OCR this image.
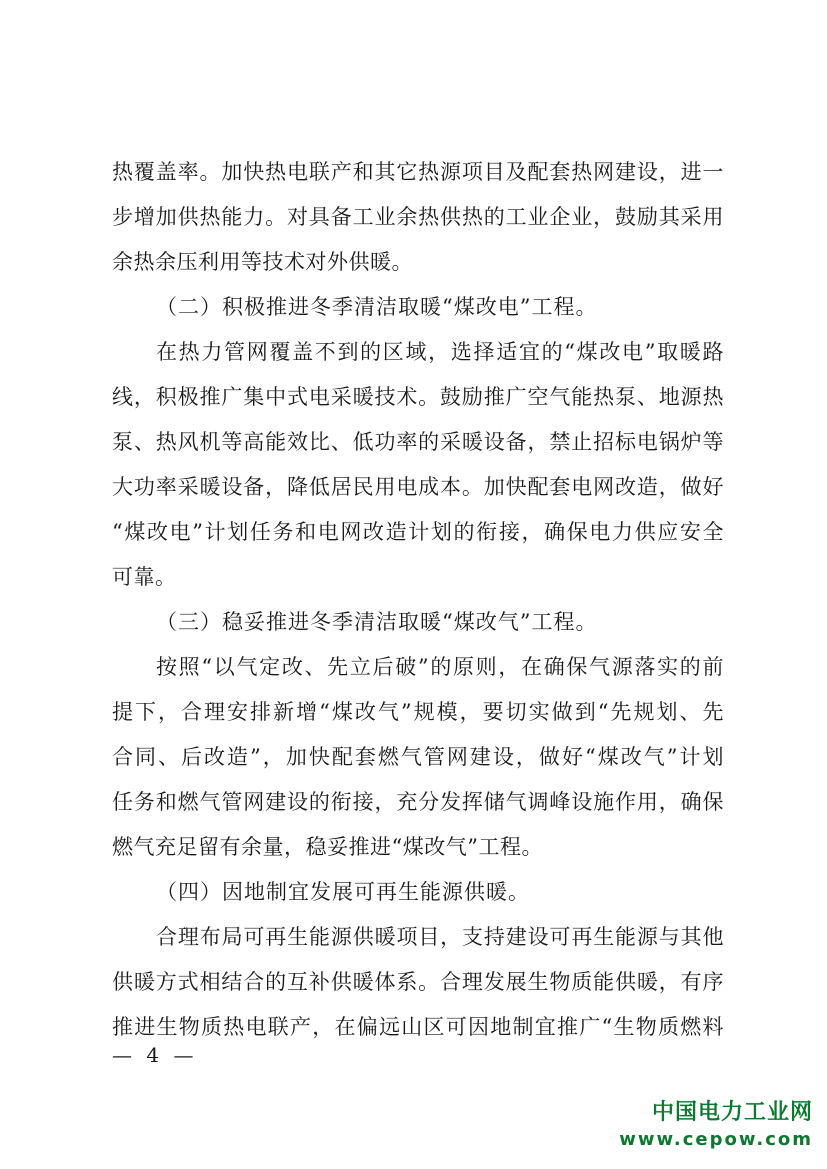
热覆盖率。加快热电联产和其它热源项目及配套热网建设，进一
步增加供热能力。对具备工业余热供热的工业企业，鼓励其采用
余热余压利用等技术对外供暖。
（二）积极推进冬季清洁取暖“煤改电”工程。
在热力管网覆盖不到的区域，选择适宜的“煤改电”取暖路
线，积极推广集中式电采暖技术。鼓励推广空气能热泵、地源热
泵、热风机等高能效比、低功率的采暖设备，禁止招标电锅炉等
大功率采暖设备，降低居民用电成本。加快配套电网改造，做好
“煤改电”计划任务和电网改造计划的衔接，确保电力供应安全
可靠。
（三）稳妥推进冬季清洁取暖“煤改气”工程。
按照“以气定改、先立后破”的原则，在确保气源落实的前
提下，合理安排新增“煤改气”规模，要切实做到“先规划、先
合同、后改造”，加快配套燃气管网建设，做好“煤改气”计划
任务和燃气管网建设的衔接，充分发挥储气调峰设施作用，确保
燃气充足留有余量，稳妥推进“煤改气”工程。
（四）因地制宜发展可再生能源供暖。
合理布局可再生能源供暖项目，支持建设可再生能源与其他
供暖方式相结合的互补供暖体系。合理发展生物质能供暖，有序
推进生物质热电联产，在偏远山区可因地制宜推广“生物质燃料
— 4 —
中国电力工业网
www.cepow.com
